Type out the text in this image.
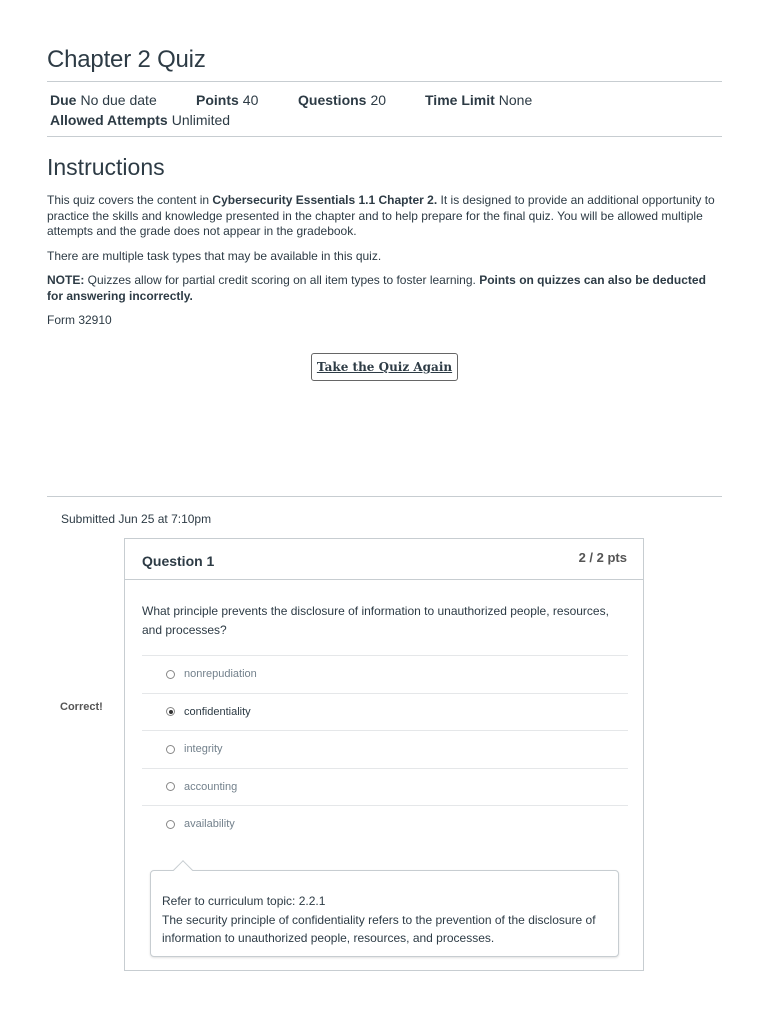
Chapter 2 Quiz
Due No due date	Points 40	Questions 20	Time Limit None
Allowed Attempts Unlimited
Instructions

This quiz covers the content in Cybersecurity Essentials 1.1 Chapter 2. It is designed to provide an additional opportunity to practice the skills and knowledge presented in the chapter and to help prepare for the final quiz. You will be allowed multiple attempts and the grade does not appear in the gradebook.

There are multiple task types that may be available in this quiz.

NOTE: Quizzes allow for partial credit scoring on all item types to foster learning. Points on quizzes can also be deducted for answering incorrectly.

Form 32910

Take the Quiz Again
Submitted Jun 25 at 7:10pm
Correct!
Question 1	2 / 2 pts
What principle prevents the disclosure of information to unauthorized people, resources, and processes?
nonrepudiation
confidentiality
integrity
accounting
availability
Refer to curriculum topic: 2.2.1
The security principle of confidentiality refers to the prevention of the disclosure of information to unauthorized people, resources, and processes.
